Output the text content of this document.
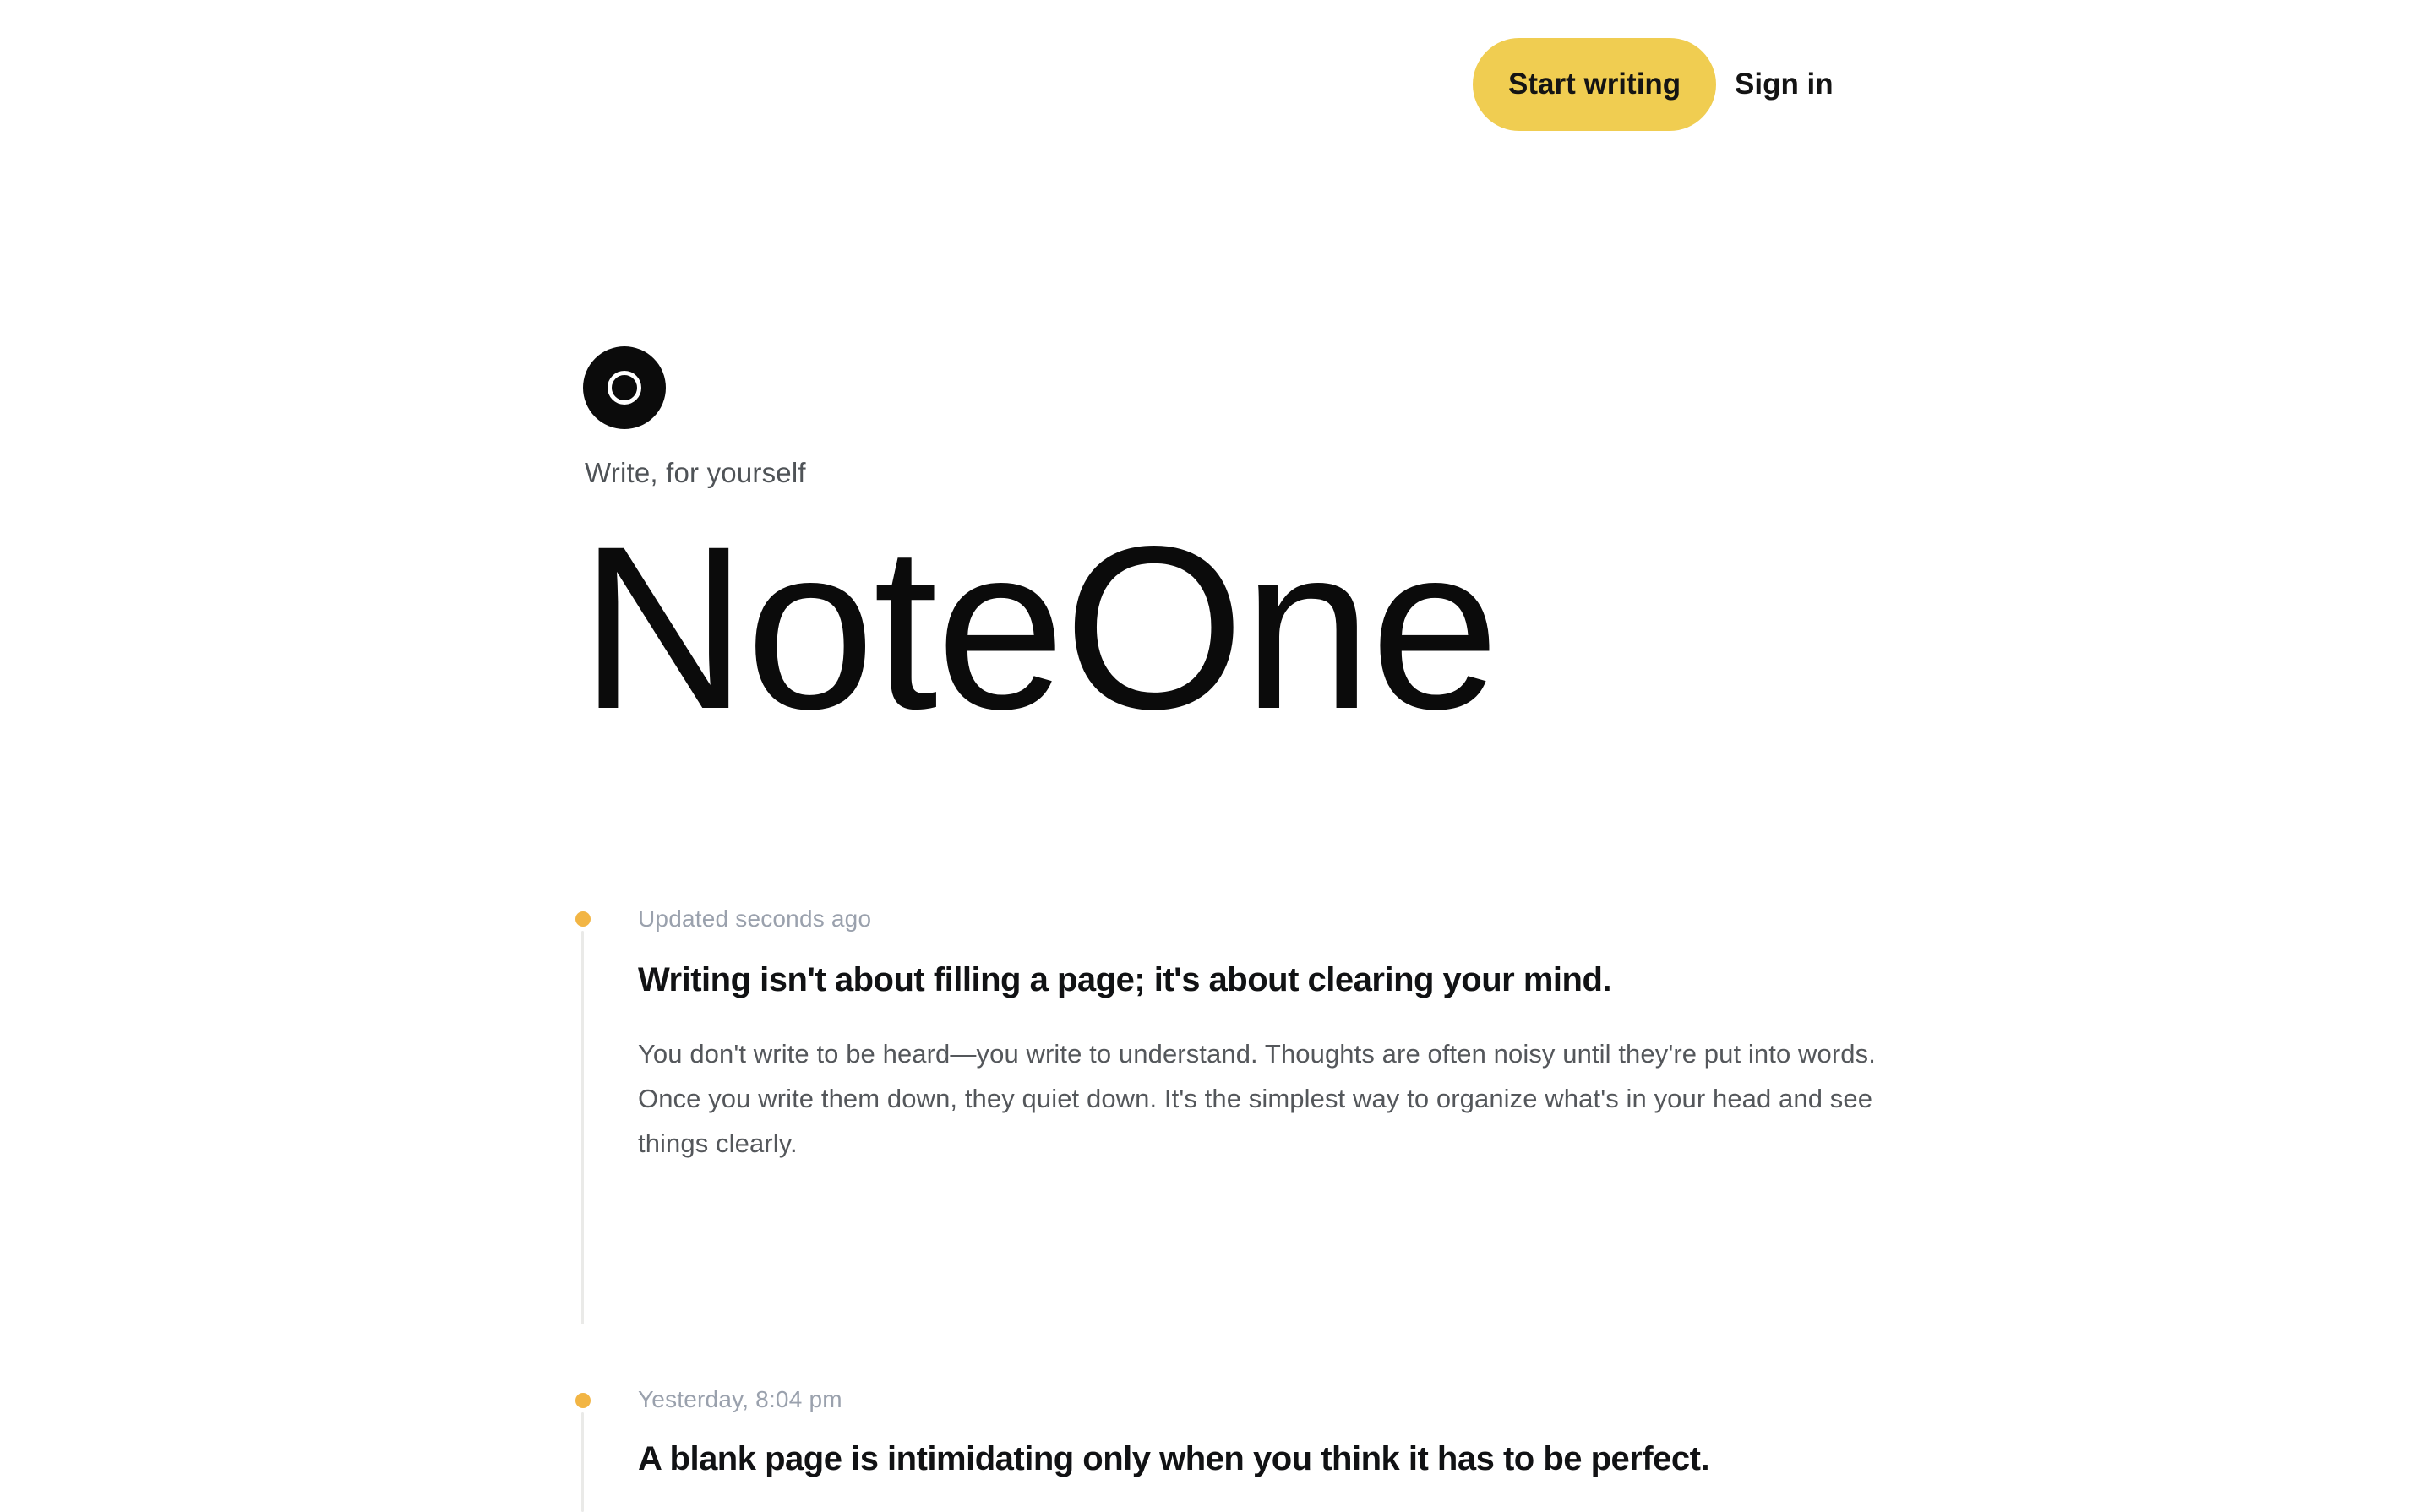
Start writing	Sign in
Write, for yourself
NoteOne
Updated seconds ago
Writing isn't about filling a page; it's about clearing your mind.

You don't write to be heard—you write to understand. Thoughts are often noisy until they're put into words. Once you write them down, they quiet down. It's the simplest way to organize what's in your head and see things clearly.

Yesterday, 8:04 pm
A blank page is intimidating only when you think it has to be perfect.
